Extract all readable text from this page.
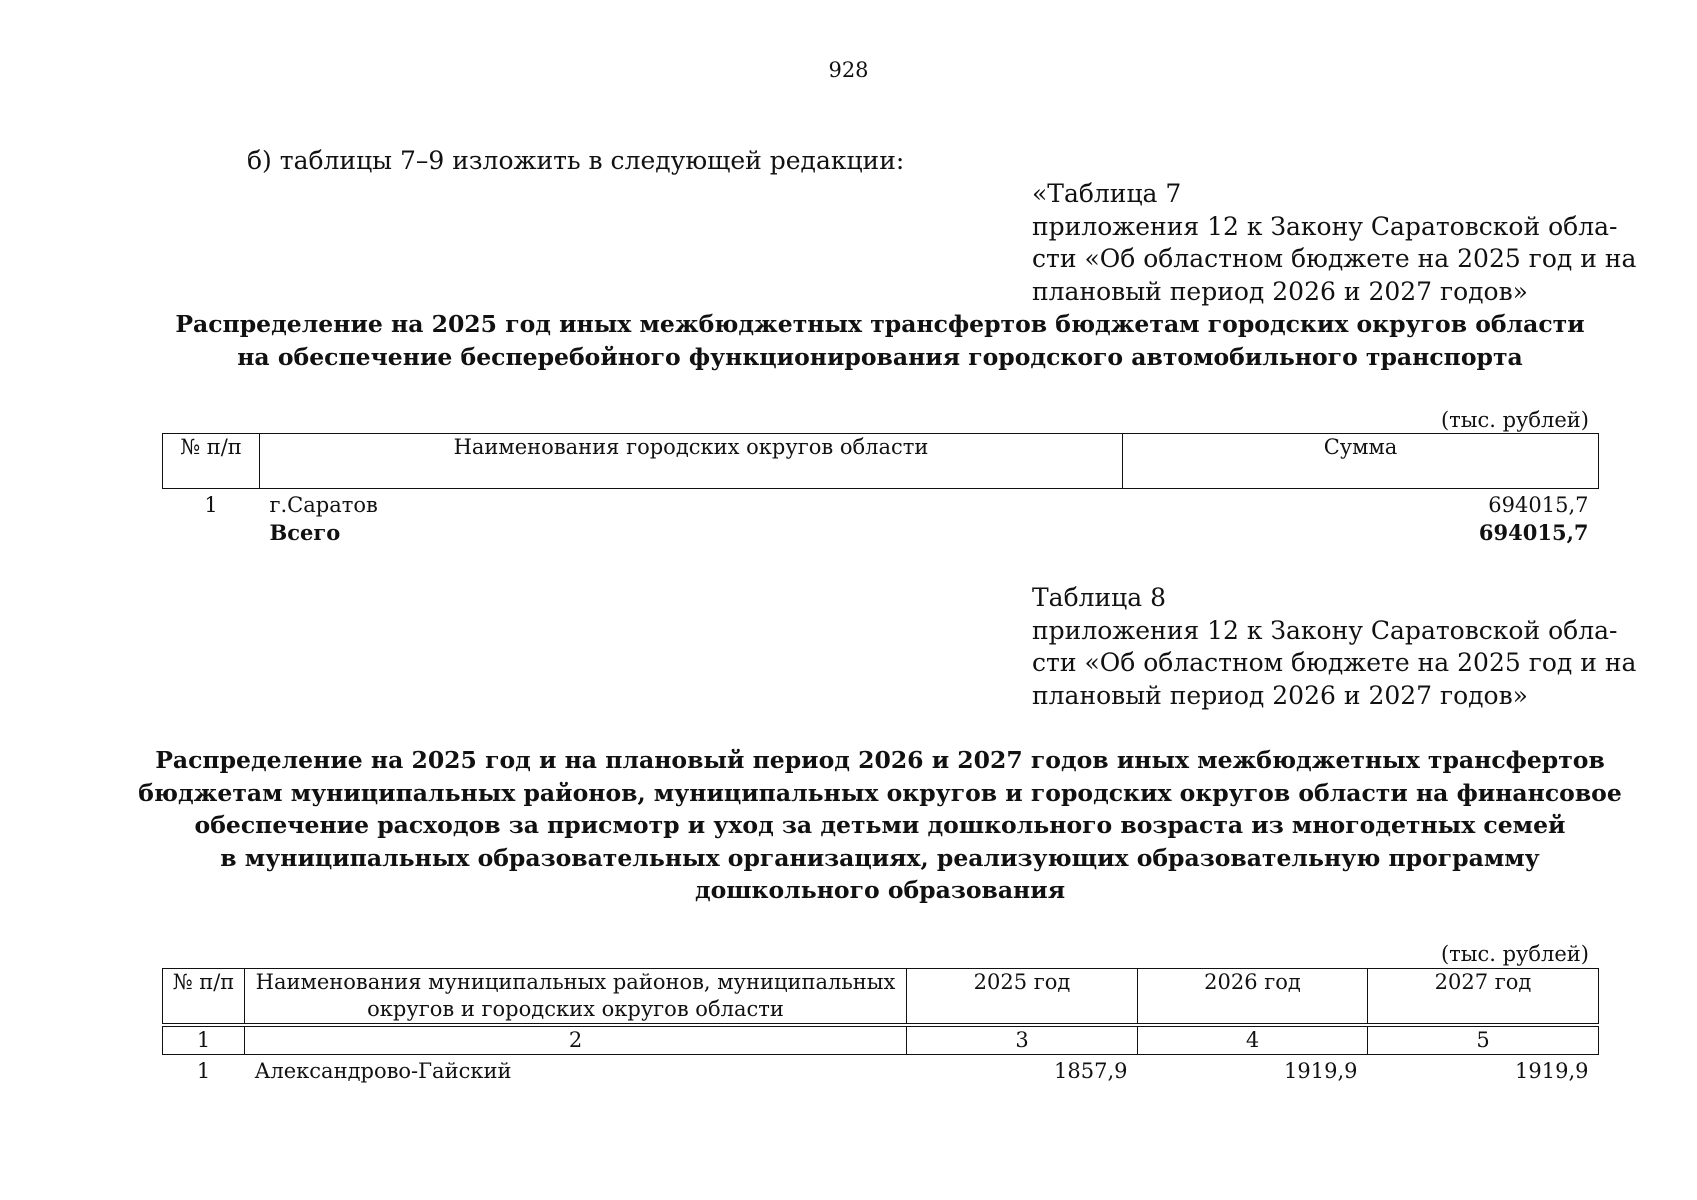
928
б) таблицы 7–9 изложить в следующей редакции:
«Таблица 7
приложения 12 к Закону Саратовской обла-
сти «Об областном бюджете на 2025 год и на
плановый период 2026 и 2027 годов»
Распределение на 2025 год иных межбюджетных трансфертов бюджетам городских округов области
на обеспечение бесперебойного функционирования городского автомобильного транспорта
(тыс. рублей)
№ п/п	Наименования городских округов области	Сумма
1	г.Саратов	694015,7
	Всего	694015,7
Таблица 8
приложения 12 к Закону Саратовской обла-
сти «Об областном бюджете на 2025 год и на
плановый период 2026 и 2027 годов»
Распределение на 2025 год и на плановый период 2026 и 2027 годов иных межбюджетных трансфертов
бюджетам муниципальных районов, муниципальных округов и городских округов области на финансовое
обеспечение расходов за присмотр и уход за детьми дошкольного возраста из многодетных семей
в муниципальных образовательных организациях, реализующих образовательную программу
дошкольного образования
(тыс. рублей)
№ п/п	Наименования муниципальных районов, муниципальных округов и городских округов области	2025 год	2026 год	2027 год
1	2	3	4	5
1	Александрово-Гайский	1857,9	1919,9	1919,9
